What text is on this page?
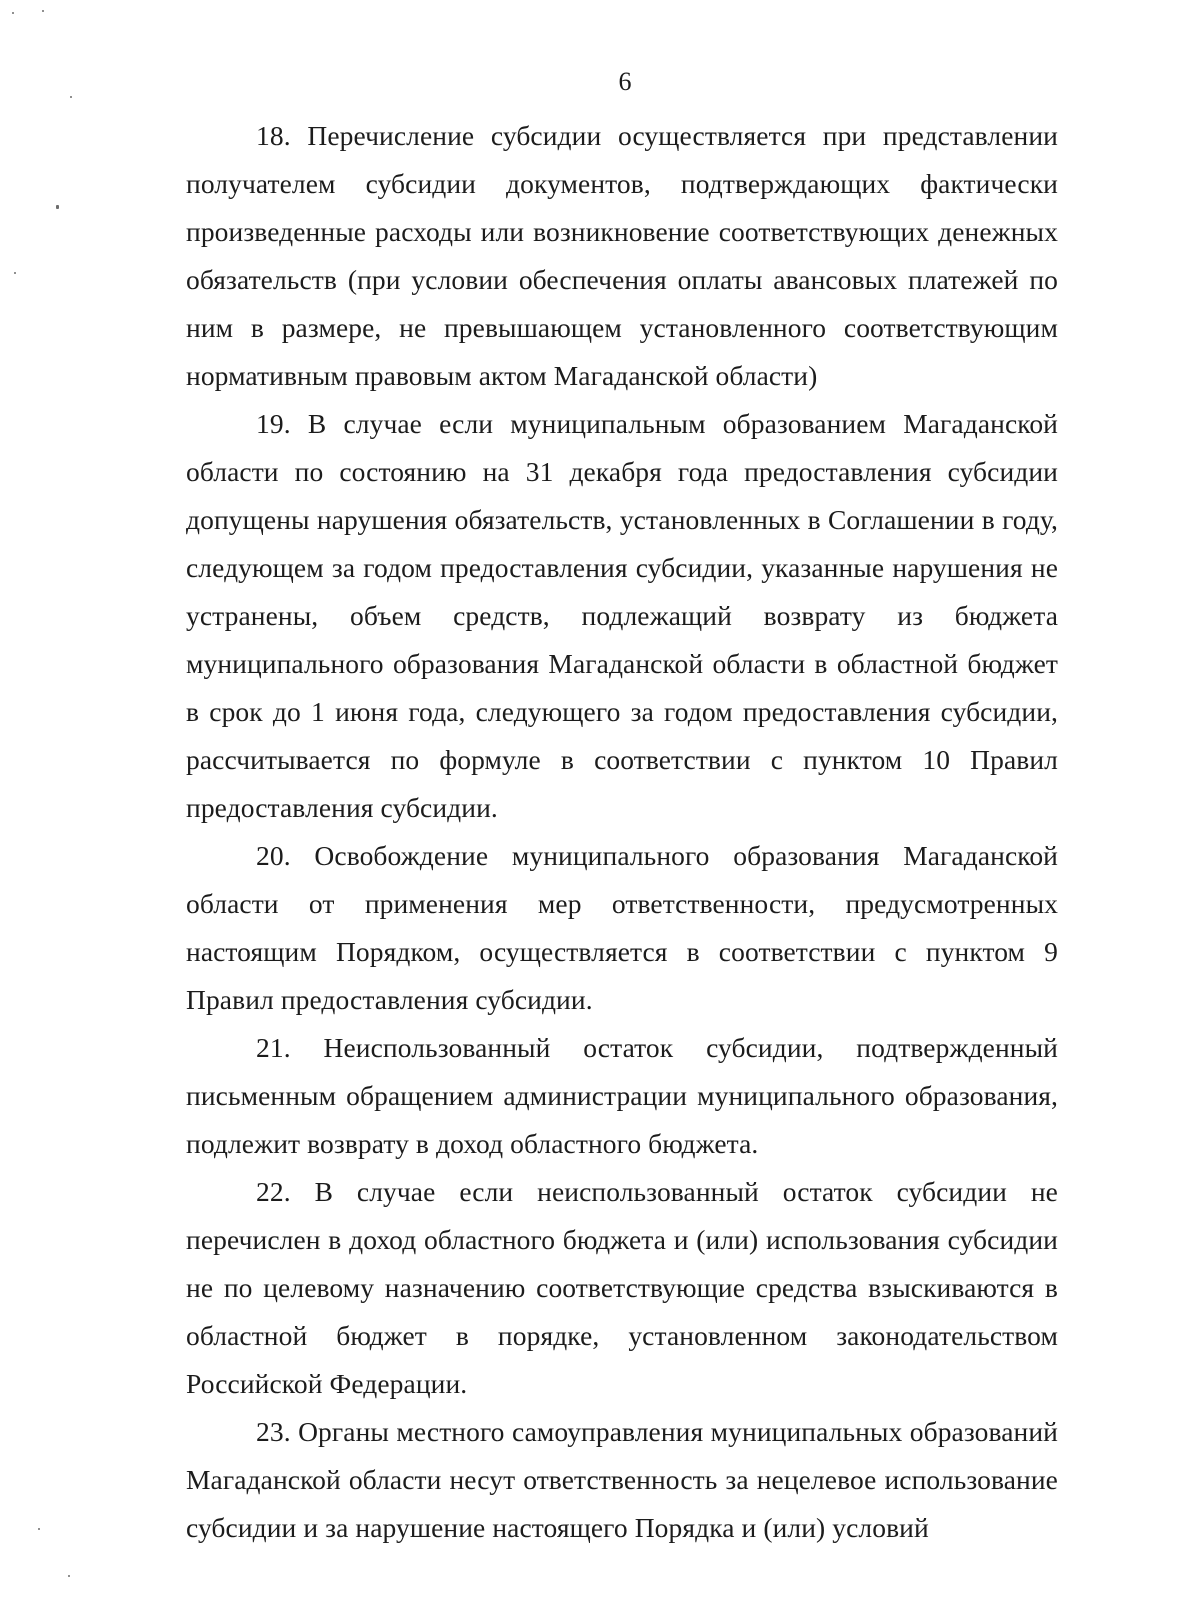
6

18. Перечисление субсидии осуществляется при представлении получателем субсидии документов, подтверждающих фактически произведенные расходы или возникновение соответствующих денежных обязательств (при условии обеспечения оплаты авансовых платежей по ним в размере, не превышающем установленного соответствующим нормативным правовым актом Магаданской области)

19. В случае если муниципальным образованием Магаданской области по состоянию на 31 декабря года предоставления субсидии допущены нарушения обязательств, установленных в Соглашении в году, следующем за годом предоставления субсидии, указанные нарушения не устранены, объем средств, подлежащий возврату из бюджета муниципального образования Магаданской области в областной бюджет в срок до 1 июня года, следующего за годом предоставления субсидии, рассчитывается по формуле в соответствии с пунктом 10 Правил предоставления субсидии.

20. Освобождение муниципального образования Магаданской области от применения мер ответственности, предусмотренных настоящим Порядком, осуществляется в соответствии с пунктом 9 Правил предоставления субсидии.

21. Неиспользованный остаток субсидии, подтвержденный письменным обращением администрации муниципального образования, подлежит возврату в доход областного бюджета.

22. В случае если неиспользованный остаток субсидии не перечислен в доход областного бюджета и (или) использования субсидии не по целевому назначению соответствующие средства взыскиваются в областной бюджет в порядке, установленном законодательством Российской Федерации.

23. Органы местного самоуправления муниципальных образований Магаданской области несут ответственность за нецелевое использование субсидии и за нарушение настоящего Порядка и (или) условий
